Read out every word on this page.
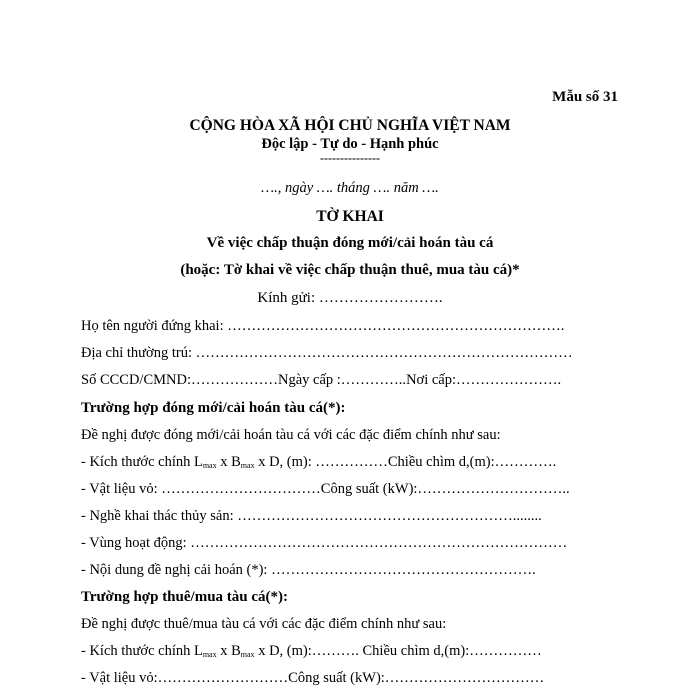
Mẫu số 31
CỘNG HÒA XÃ HỘI CHỦ NGHĨA VIỆT NAM
Độc lập - Tự do - Hạnh phúc
---------------
…., ngày …. tháng …. năm ….
TỜ KHAI
Về việc chấp thuận đóng mới/cải hoán tàu cá
(hoặc: Tờ khai về việc chấp thuận thuê, mua tàu cá)*
Kính gửi: …………………….
Họ tên người đứng khai: …………………………………………………………….
Địa chỉ thường trú: ……………………………………………………………………
Số CCCD/CMND:………………Ngày cấp :…………..Nơi cấp:………………….
Trường hợp đóng mới/cải hoán tàu cá(*):
Đề nghị được đóng mới/cải hoán tàu cá với các đặc điểm chính như sau:
- Kích thước chính $L_{max}$ x $B_{max}$ x D, (m): ……………Chiều chìm d,(m):………….
- Vật liệu vỏ: ……………………………Công suất (kW):…………………………..
- Nghề khai thác thủy sản: …………………………………………………........
- Vùng hoạt động: ……………………………………………………………………
- Nội dung đề nghị cải hoán (*): ……………………………………………….
Trường hợp thuê/mua tàu cá(*):
Đề nghị được thuê/mua tàu cá với các đặc điểm chính như sau:
- Kích thước chính $L_{max}$ x $B_{max}$ x D, (m):………. Chiều chìm d,(m):……………
- Vật liệu vỏ:………………………Công suất (kW):……………………………
